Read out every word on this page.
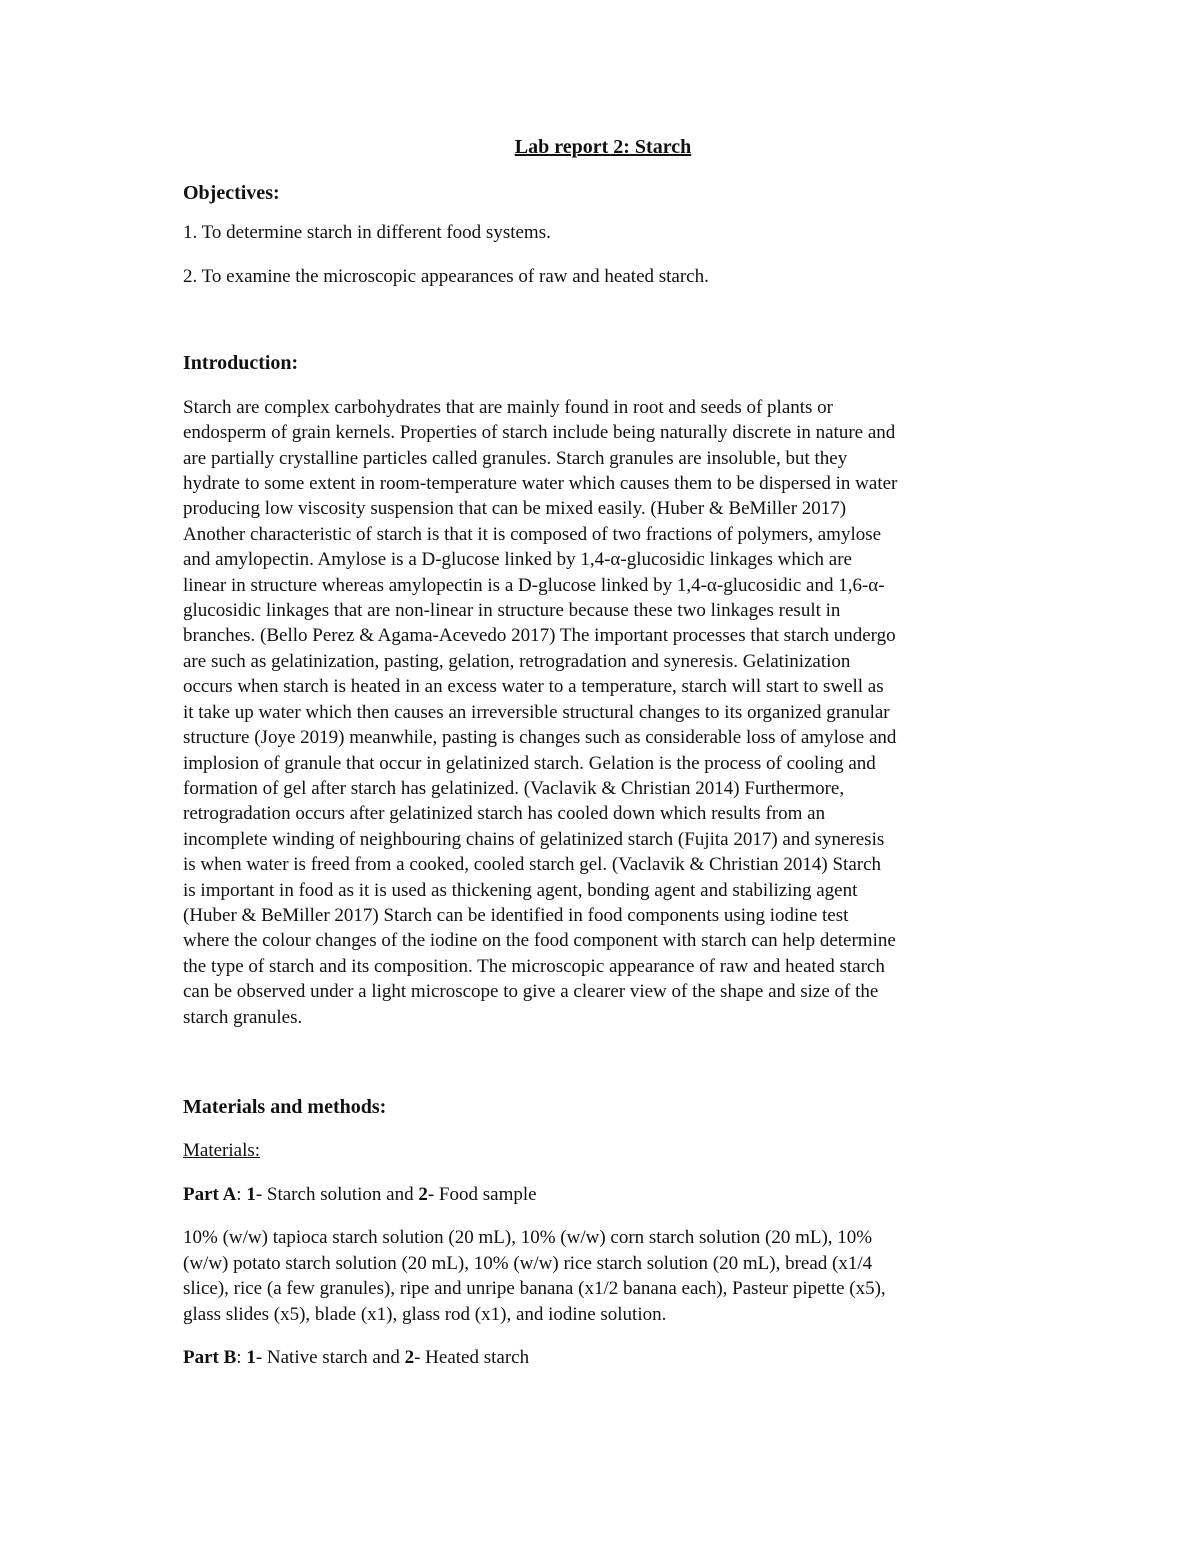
Lab report 2: Starch
Objectives:
1. To determine starch in different food systems.
2. To examine the microscopic appearances of raw and heated starch.
Introduction:
Starch are complex carbohydrates that are mainly found in root and seeds of plants or
endosperm of grain kernels. Properties of starch include being naturally discrete in nature and
are partially crystalline particles called granules. Starch granules are insoluble, but they
hydrate to some extent in room-temperature water which causes them to be dispersed in water
producing low viscosity suspension that can be mixed easily. (Huber & BeMiller 2017)
Another characteristic of starch is that it is composed of two fractions of polymers, amylose
and amylopectin. Amylose is a D-glucose linked by 1,4-α-glucosidic linkages which are
linear in structure whereas amylopectin is a D-glucose linked by 1,4-α-glucosidic and 1,6-α-
glucosidic linkages that are non-linear in structure because these two linkages result in
branches. (Bello Perez & Agama-Acevedo 2017) The important processes that starch undergo
are such as gelatinization, pasting, gelation, retrogradation and syneresis. Gelatinization
occurs when starch is heated in an excess water to a temperature, starch will start to swell as
it take up water which then causes an irreversible structural changes to its organized granular
structure (Joye 2019) meanwhile, pasting is changes such as considerable loss of amylose and
implosion of granule that occur in gelatinized starch. Gelation is the process of cooling and
formation of gel after starch has gelatinized. (Vaclavik & Christian 2014) Furthermore,
retrogradation occurs after gelatinized starch has cooled down which results from an
incomplete winding of neighbouring chains of gelatinized starch (Fujita 2017) and syneresis
is when water is freed from a cooked, cooled starch gel. (Vaclavik & Christian 2014) Starch
is important in food as it is used as thickening agent, bonding agent and stabilizing agent
(Huber & BeMiller 2017) Starch can be identified in food components using iodine test
where the colour changes of the iodine on the food component with starch can help determine
the type of starch and its composition. The microscopic appearance of raw and heated starch
can be observed under a light microscope to give a clearer view of the shape and size of the
starch granules.
Materials and methods:
Materials:
Part A: 1- Starch solution and 2- Food sample
10% (w/w) tapioca starch solution (20 mL), 10% (w/w) corn starch solution (20 mL), 10%
(w/w) potato starch solution (20 mL), 10% (w/w) rice starch solution (20 mL), bread (x1/4
slice), rice (a few granules), ripe and unripe banana (x1/2 banana each), Pasteur pipette (x5),
glass slides (x5), blade (x1), glass rod (x1), and iodine solution.
Part B: 1- Native starch and 2- Heated starch
